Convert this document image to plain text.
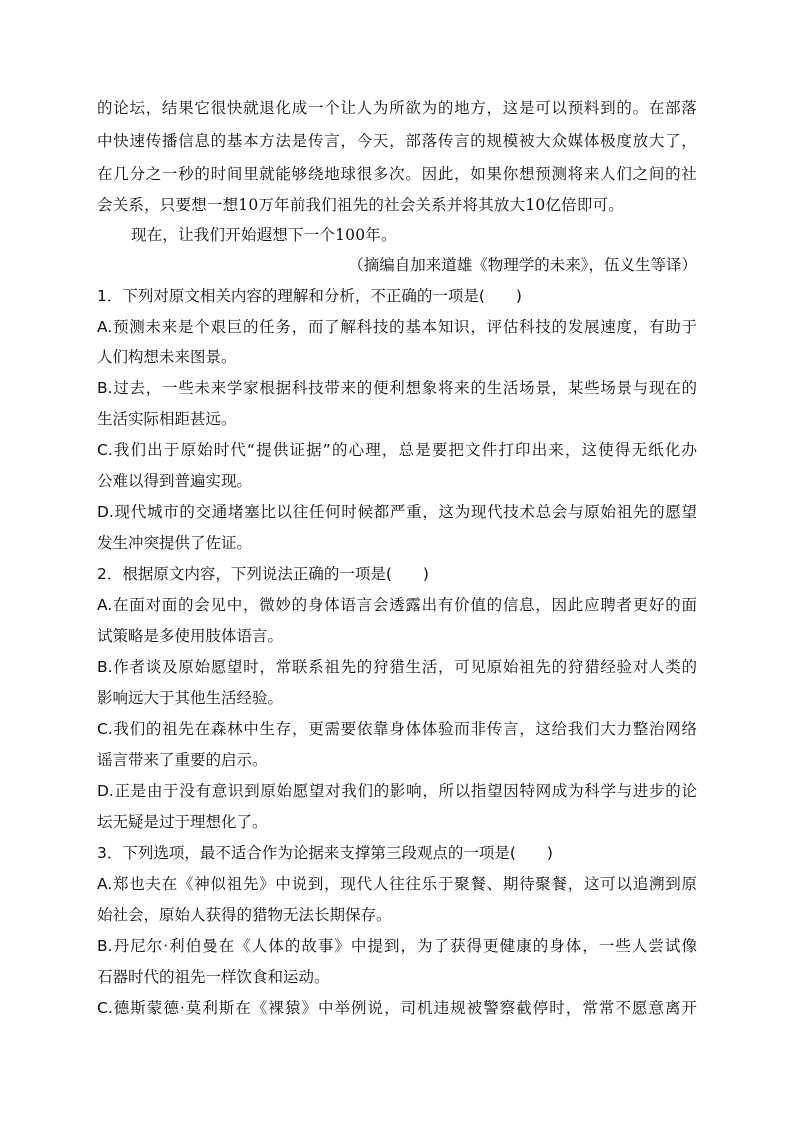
的论坛，结果它很快就退化成一个让人为所欲为的地方，这是可以预料到的。在部落
中快速传播信息的基本方法是传言，今天，部落传言的规模被大众媒体极度放大了，
在几分之一秒的时间里就能够绕地球很多次。因此，如果你想预测将来人们之间的社
会关系，只要想一想10万年前我们祖先的社会关系并将其放大10亿倍即可。
现在，让我们开始遐想下一个100年。
（摘编自加来道雄《物理学的未来》，伍义生等译）
1．下列对原文相关内容的理解和分析，不正确的一项是(　　)
A.预测未来是个艰巨的任务，而了解科技的基本知识，评估科技的发展速度，有助于
人们构想未来图景。
B.过去，一些未来学家根据科技带来的便利想象将来的生活场景，某些场景与现在的
生活实际相距甚远。
C.我们出于原始时代“提供证据”的心理，总是要把文件打印出来，这使得无纸化办
公难以得到普遍实现。
D.现代城市的交通堵塞比以往任何时候都严重，这为现代技术总会与原始祖先的愿望
发生冲突提供了佐证。
2．根据原文内容，下列说法正确的一项是(　　)
A.在面对面的会见中，微妙的身体语言会透露出有价值的信息，因此应聘者更好的面
试策略是多使用肢体语言。
B.作者谈及原始愿望时，常联系祖先的狩猎生活，可见原始祖先的狩猎经验对人类的
影响远大于其他生活经验。
C.我们的祖先在森林中生存，更需要依靠身体体验而非传言，这给我们大力整治网络
谣言带来了重要的启示。
D.正是由于没有意识到原始愿望对我们的影响，所以指望因特网成为科学与进步的论
坛无疑是过于理想化了。
3．下列选项，最不适合作为论据来支撑第三段观点的一项是(　　)
A.郑也夫在《神似祖先》中说到，现代人往往乐于聚餐、期待聚餐，这可以追溯到原
始社会，原始人获得的猎物无法长期保存。
B.丹尼尔·利伯曼在《人体的故事》中提到，为了获得更健康的身体，一些人尝试像
石器时代的祖先一样饮食和运动。
C.德斯蒙德·莫利斯在《裸猿》中举例说，司机违规被警察截停时，常常不愿意离开
